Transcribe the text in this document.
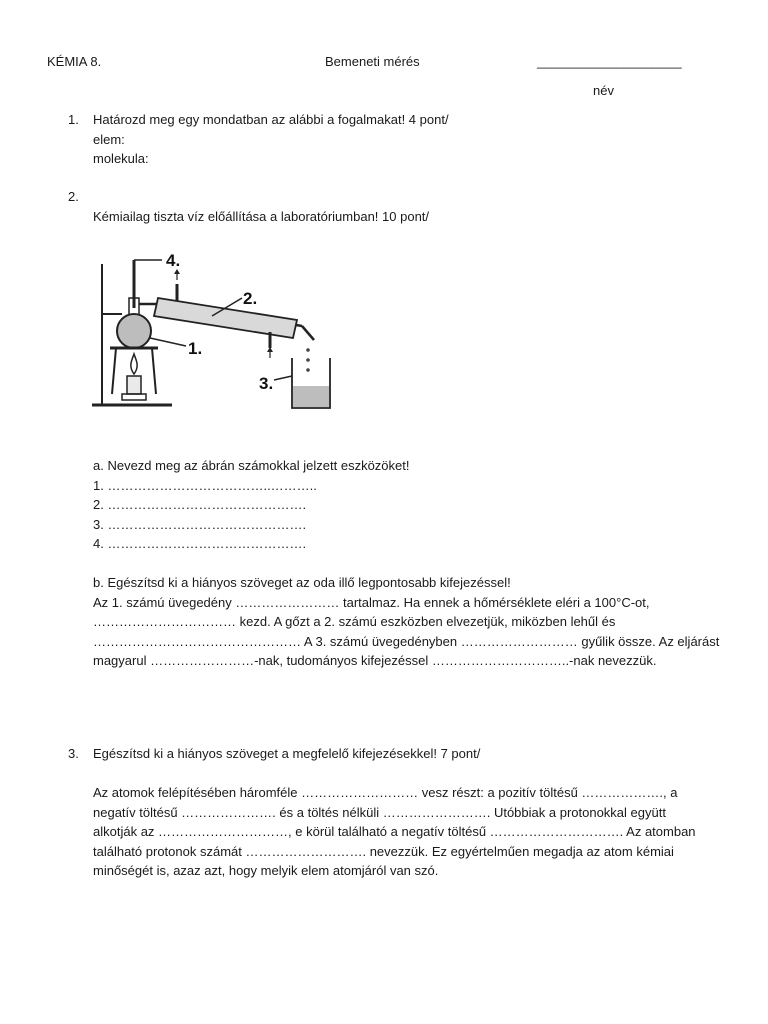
KÉMIA 8.	Bemeneti mérés	____________________
név
1. Határozd meg egy mondatban az alábbi a fogalmakat! 4 pont/

elem:

molekula:

2.

Kémiailag tiszta víz előállítása a laboratóriumban! 10 pont/

4.
2.
1.
3.

a. Nevezd meg az ábrán számokkal jelzett eszközöket!

1. ………………………………..………..

2. ……………………………………….

3. ……………………………………….

4. ……………………………………….

b. Egészítsd ki a hiányos szöveget az oda illő legpontosabb kifejezéssel!

Az 1. számú üvegedény …………………… tartalmaz. Ha ennek a hőmérséklete eléri a 100°C-ot,

…………………………… kezd. A gőzt a 2. számú eszközben elvezetjük, miközben lehűl és

………………………………………… A 3. számú üvegedényben ……………………… gyűlik össze. Az eljárást

magyarul ……………………-nak, tudományos kifejezéssel …………………………..-nak nevezzük.

3. Egészítsd ki a hiányos szöveget a megfelelő kifejezésekkel! 7 pont/

Az atomok felépítésében háromféle ……………………… vesz részt: a pozitív töltésű ………………., a

negatív töltésű …………………. és a töltés nélküli ……………………. Utóbbiak a protonokkal együtt

alkotják az …………………………, e körül található a negatív töltésű …………………………. Az atomban

található protonok számát ………………………. nevezzük. Ez egyértelműen megadja az atom kémiai

minőségét is, azaz azt, hogy melyik elem atomjáról van szó.
